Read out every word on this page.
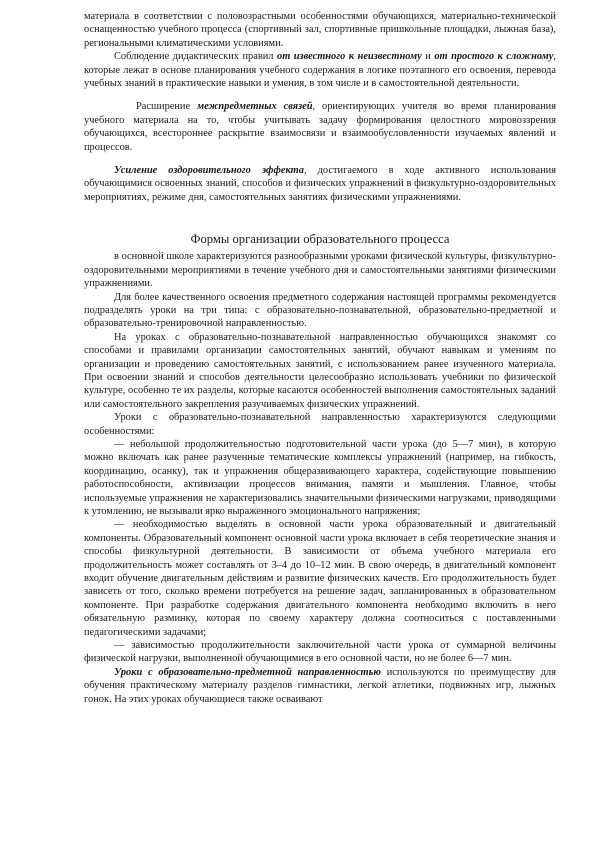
материала в соответствии с половозрастными особенностями обучающихся, материально-технической оснащенностью учебного процесса (спортивный зал, спортивные пришкольные площадки, лыжная база), региональными климатическими условиями.

Соблюдение дидактических правил от известного к неизвестному и от простого к сложному, которые лежат в основе планирования учебного содержания в логике поэтапного его освоения, перевода учебных знаний в практические навыки и умения, в том числе и в самостоятельной деятельности.

Расширение межпредметных связей, ориентирующих учителя во время планирования учебного материала на то, чтобы учитывать задачу формирования целостного мировоззрения обучающихся, всестороннее раскрытие взаимосвязи и взаимообусловленности изучаемых явлений и процессов.

Усиление оздоровительного эффекта, достигаемого в ходе активного использования обучающимися освоенных знаний, способов и физических упражнений в физкультурно-оздоровительных мероприятиях, режиме дня, самостоятельных занятиях физическими упражнениями.

Формы организации образовательного процесса

в основной школе характеризуются разнообразными уроками физической культуры, физкультурно-оздоровительными мероприятиями в течение учебного дня и самостоятельными занятиями физическими упражнениями.

Для более качественного освоения предметного содержания настоящей программы рекомендуется подразделять уроки на три типа: с образовательно-познавательной, образовательно-предметной и образовательно-тренировочной направленностью.

На уроках с образовательно-познавательной направленностью обучающихся знакомят со способами и правилами организации самостоятельных занятий, обучают навыкам и умениям по организации и проведению самостоятельных занятий, с использованием ранее изученного материала. При освоении знаний и способов деятельности целесообразно использовать учебники по физической культуре, особенно те их разделы, которые касаются особенностей выполнения самостоятельных заданий или самостоятельного закрепления разучиваемых физических упражнений.

Уроки с образовательно-познавательной направленностью характеризуются следующими особенностями:

— небольшой продолжительностью подготовительной части урока (до 5—7 мин), в которую можно включать как ранее разученные тематические комплексы упражнений (например, на гибкость, координацию, осанку), так и упражнения общеразвивающего характера, содействующие повышению работоспособности, активизации процессов внимания, памяти и мышления. Главное, чтобы используемые упражнения не характеризовались значительными физическими нагрузками, приводящими к утомлению, не вызывали ярко выраженного эмоционального напряжения;

— необходимостью выделять в основной части урока образовательный и двигательный компоненты. Образовательный компонент основной части урока включает в себя теоретические знания и способы физкультурной деятельности. В зависимости от объема учебного материала его продолжительность может составлять от 3–4 до 10–12 мин. В свою очередь, в двигательный компонент входит обучение двигательным действиям и развитие физических качеств. Его продолжительность будет зависеть от того, сколько времени потребуется на решение задач, запланированных в образовательном компоненте. При разработке содержания двигательного компонента необходимо включить в него обязательную разминку, которая по своему характеру должна соотноситься с поставленными педагогическими задачами;

— зависимостью продолжительности заключительной части урока от суммарной величины физической нагрузки, выполненной обучающимися в его основной части, но не более 6—7 мин.

Уроки с образовательно-предметной направленностью используются по преимуществу для обучения практическому материалу разделов гимнастики, легкой атлетики, подвижных игр, лыжных гонок. На этих уроках обучающиеся также осваивают
